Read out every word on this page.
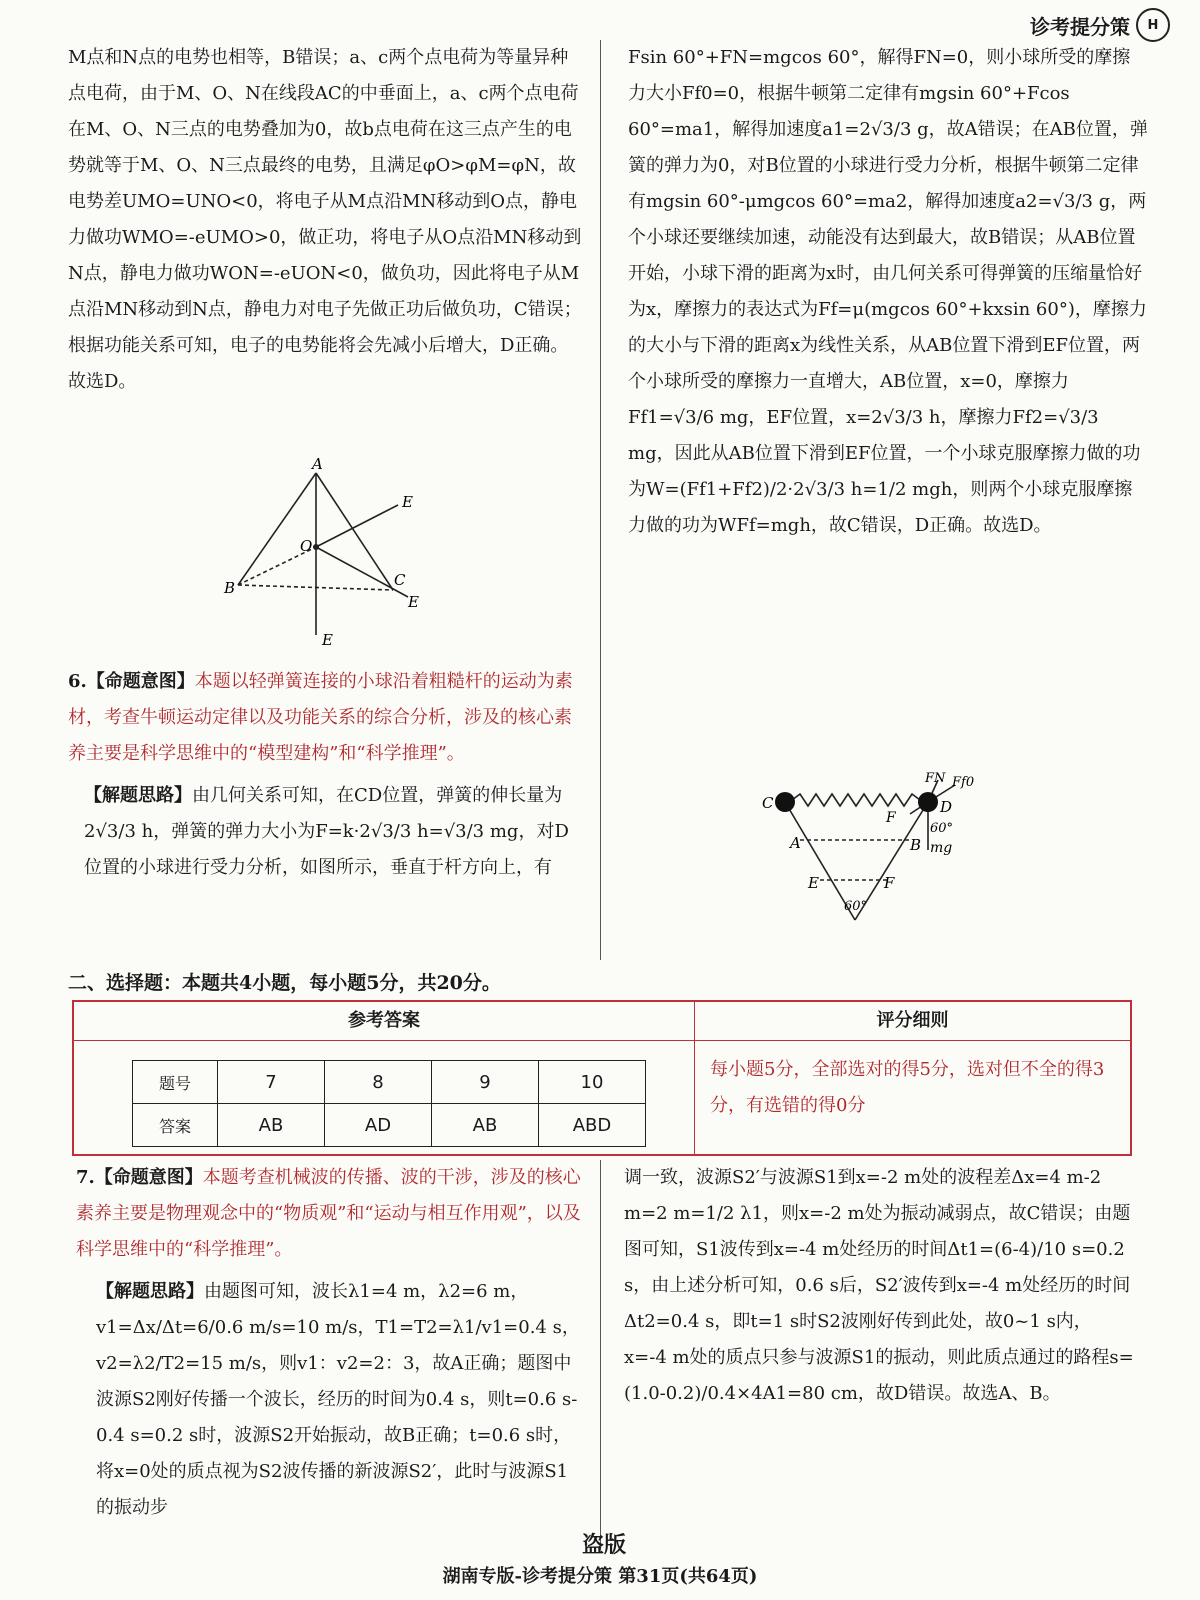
诊考提分策	H

M点和N点的电势也相等，B错误；a、c两个点电荷为等量异种点电荷，由于M、O、N在线段AC的中垂面上，a、c两个点电荷在M、O、N三点的电势叠加为0，故b点电荷在这三点产生的电势就等于M、O、N三点最终的电势，且满足φO>φM=φN，故电势差UMO=UNO<0，将电子从M点沿MN移动到O点，静电力做功WMO=-eUMO>0，做正功，将电子从O点沿MN移动到N点，静电力做功WON=-eUON<0，做负功，因此将电子从M点沿MN移动到N点，静电力对电子先做正功后做负功，C错误；根据功能关系可知，电子的电势能将会先减小后增大，D正确。故选D。

A
B	C
O
E
E
E

6.【命题意图】本题以轻弹簧连接的小球沿着粗糙杆的运动为素材，考查牛顿运动定律以及功能关系的综合分析，涉及的核心素养主要是科学思维中的“模型建构”和“科学推理”。

【解题思路】由几何关系可知，在CD位置，弹簧的伸长量为2√3/3 h，弹簧的弹力大小为F=k·2√3/3 h=√3/3 mg，对D位置的小球进行受力分析，如图所示，垂直于杆方向上，有

Fsin 60°+FN=mgcos 60°，解得FN=0，则小球所受的摩擦力大小Ff0=0，根据牛顿第二定律有mgsin 60°+Fcos 60°=ma1，解得加速度a1=2√3/3 g，故A错误；在AB位置，弹簧的弹力为0，对B位置的小球进行受力分析，根据牛顿第二定律有mgsin 60°-μmgcos 60°=ma2，解得加速度a2=√3/3 g，两个小球还要继续加速，动能没有达到最大，故B错误；从AB位置开始，小球下滑的距离为x时，由几何关系可得弹簧的压缩量恰好为x，摩擦力的表达式为Ff=μ(mgcos 60°+kxsin 60°)，摩擦力的大小与下滑的距离x为线性关系，从AB位置下滑到EF位置，两个小球所受的摩擦力一直增大，AB位置，x=0，摩擦力Ff1=√3/6 mg，EF位置，x=2√3/3 h，摩擦力Ff2=√3/3 mg，因此从AB位置下滑到EF位置，一个小球克服摩擦力做的功为W=(Ff1+Ff2)/2·2√3/3 h=1/2 mgh，则两个小球克服摩擦力做的功为WFf=mgh，故C错误，D正确。故选D。

C	D
A	B
E	F
F
FN Ff0
mg
60°
60°
二、选择题：本题共4小题，每小题5分，共20分。
参考答案	评分细则
题号	7	8	9	10
答案	AB	AD	AB	ABD
每小题5分，全部选对的得5分，选对但不全的得3分，有选错的得0分

7.【命题意图】本题考查机械波的传播、波的干涉，涉及的核心素养主要是物理观念中的“物质观”和“运动与相互作用观”，以及科学思维中的“科学推理”。

【解题思路】由题图可知，波长λ1=4 m，λ2=6 m，v1=Δx/Δt=6/0.6 m/s=10 m/s，T1=T2=λ1/v1=0.4 s，v2=λ2/T2=15 m/s，则v1：v2=2：3，故A正确；题图中波源S2刚好传播一个波长，经历的时间为0.4 s，则t=0.6 s-0.4 s=0.2 s时，波源S2开始振动，故B正确；t=0.6 s时，将x=0处的质点视为S2波传播的新波源S2′，此时与波源S1的振动步

调一致，波源S2′与波源S1到x=-2 m处的波程差Δx=4 m-2 m=2 m=1/2 λ1，则x=-2 m处为振动减弱点，故C错误；由题图可知，S1波传到x=-4 m处经历的时间Δt1=(6-4)/10 s=0.2 s，由上述分析可知，0.6 s后，S2′波传到x=-4 m处经历的时间Δt2=0.4 s，即t=1 s时S2波刚好传到此处，故0~1 s内，x=-4 m处的质点只参与波源S1的振动，则此质点通过的路程s=(1.0-0.2)/0.4×4A1=80 cm，故D错误。故选A、B。

盗版
湖南专版-诊考提分策 第31页(共64页)
